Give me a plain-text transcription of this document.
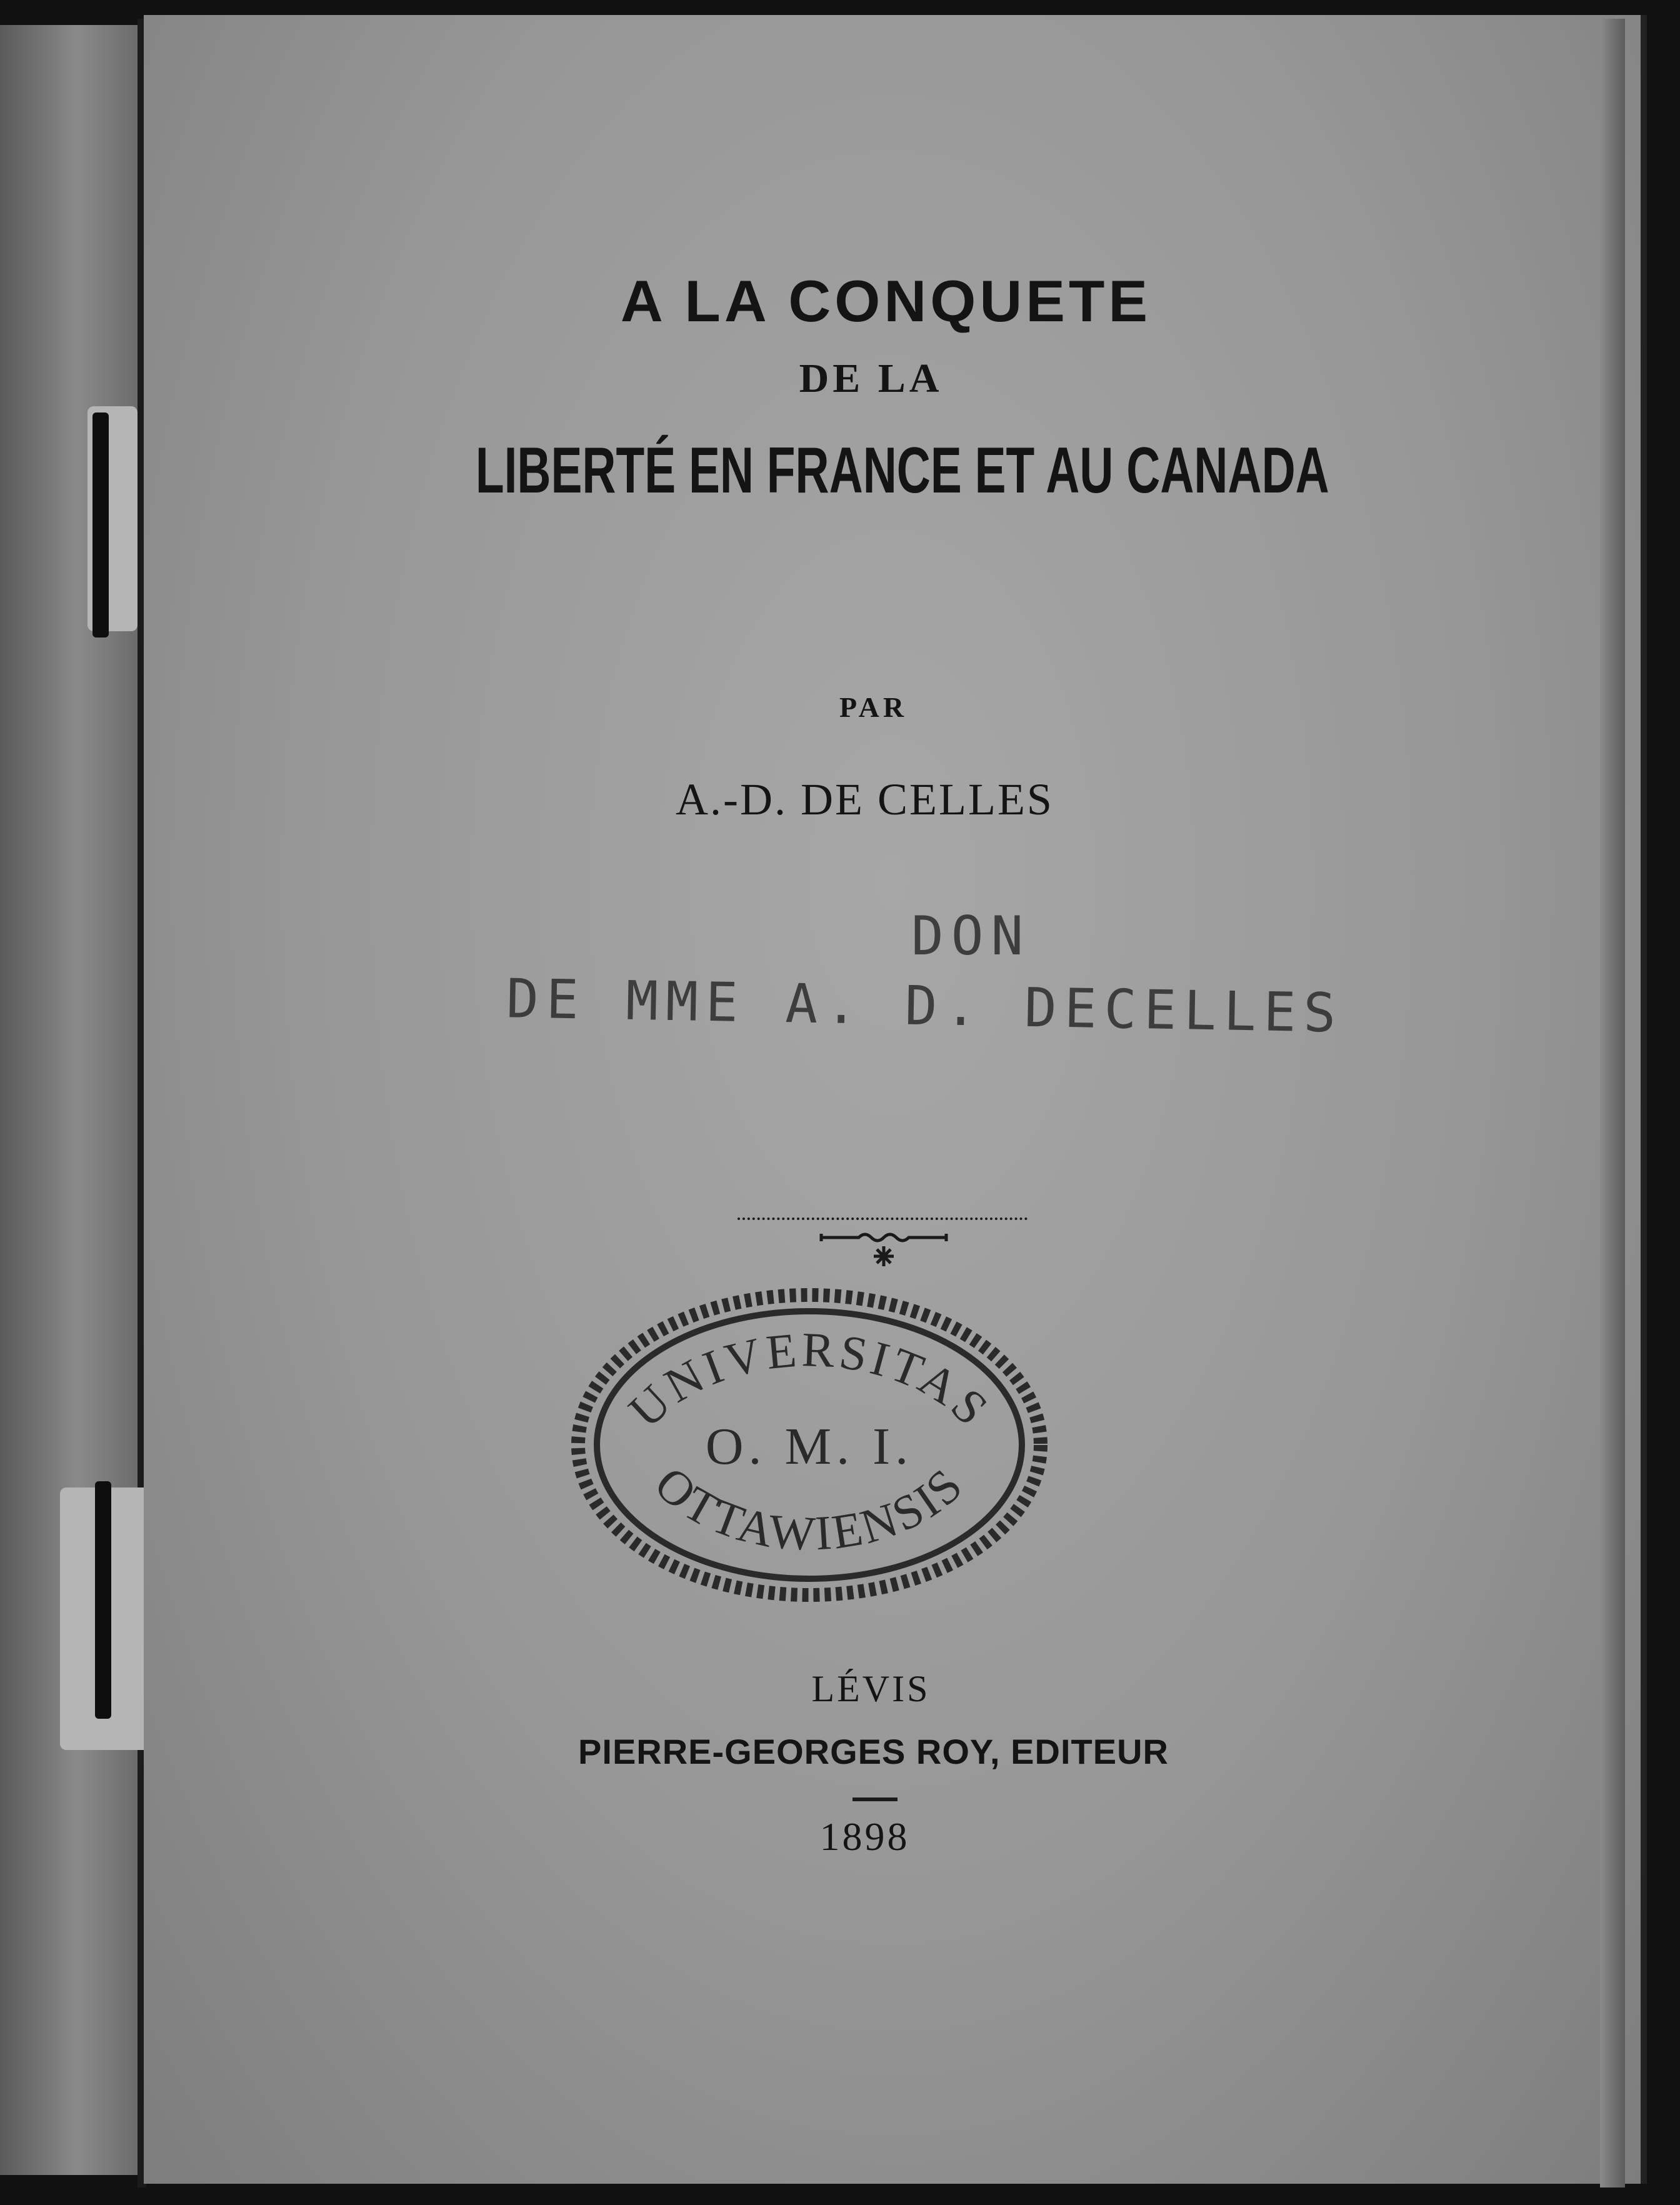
A LA CONQUETE
DE LA
LIBERTÉ EN FRANCE ET AU CANADA
PAR
A.-D. DE CELLES
DON
DE MME A. D. DECELLES
UNIVERSITAS
O. M. I.
OTTAWIENSIS
LÉVIS
PIERRE-GEORGES ROY, EDITEUR
1898
